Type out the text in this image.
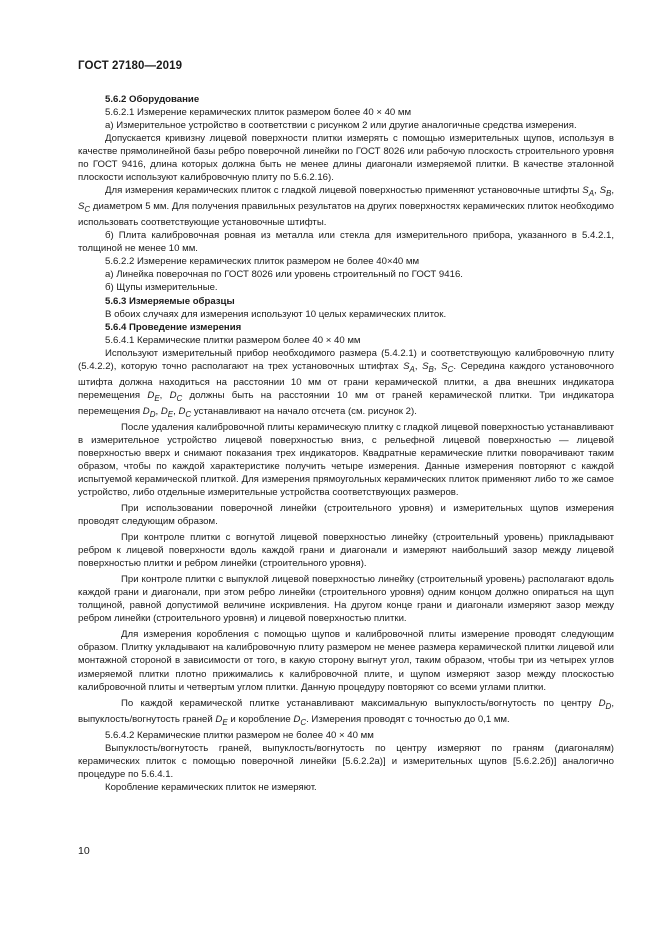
ГОСТ 27180—2019

5.6.2 Оборудование

5.6.2.1 Измерение керамических плиток размером более 40 × 40 мм

а) Измерительное устройство в соответствии с рисунком 2 или другие аналогичные средства измерения.

Допускается кривизну лицевой поверхности плитки измерять с помощью измерительных щупов, используя в качестве прямолинейной базы ребро поверочной линейки по ГОСТ 8026 или рабочую плоскость строительного уровня по ГОСТ 9416, длина которых должна быть не менее длины диагонали измеряемой плитки. В качестве эталонной плоскости используют калибровочную плиту по 5.6.2.16).

Для измерения керамических плиток с гладкой лицевой поверхностью применяют установочные штифты $S_A$, $S_B$, $S_C$ диаметром 5 мм. Для получения правильных результатов на других поверхностях керамических плиток необходимо использовать соответствующие установочные штифты.

б) Плита калибровочная ровная из металла или стекла для измерительного прибора, указанного в 5.4.2.1, толщиной не менее 10 мм.

5.6.2.2 Измерение керамических плиток размером не более 40×40 мм

а) Линейка поверочная по ГОСТ 8026 или уровень строительный по ГОСТ 9416.

б) Щупы измерительные.

5.6.3 Измеряемые образцы

В обоих случаях для измерения используют 10 целых керамических плиток.

5.6.4 Проведение измерения

5.6.4.1 Керамические плитки размером более 40 × 40 мм

Используют измерительный прибор необходимого размера (5.4.2.1) и соответствующую калибровочную плиту (5.4.2.2), которую точно располагают на трех установочных штифтах $S_A$, $S_B$, $S_C$. Середина каждого установочного штифта должна находиться на расстоянии 10 мм от грани керамической плитки, а два внешних индикатора перемещения $D_E$, $D_C$ должны быть на расстоянии 10 мм от граней керамической плитки. Три индикатора перемещения $D_D$, $D_E$, $D_C$ устанавливают на начало отсчета (см. рисунок 2).

После удаления калибровочной плиты керамическую плитку с гладкой лицевой поверхностью устанавливают в измерительное устройство лицевой поверхностью вниз, с рельефной лицевой поверхностью — лицевой поверхностью вверх и снимают показания трех индикаторов. Квадратные керамические плитки поворачивают таким образом, чтобы по каждой характеристике получить четыре измерения. Данные измерения повторяют с каждой испытуемой керамической плиткой. Для измерения прямоугольных керамических плиток применяют либо то же самое устройство, либо отдельные измерительные устройства соответствующих размеров.

При использовании поверочной линейки (строительного уровня) и измерительных щупов измерения проводят следующим образом.

При контроле плитки с вогнутой лицевой поверхностью линейку (строительный уровень) прикладывают ребром к лицевой поверхности вдоль каждой грани и диагонали и измеряют наибольший зазор между лицевой поверхностью плитки и ребром линейки (строительного уровня).

При контроле плитки с выпуклой лицевой поверхностью линейку (строительный уровень) располагают вдоль каждой грани и диагонали, при этом ребро линейки (строительного уровня) одним концом должно опираться на щуп толщиной, равной допустимой величине искривления. На другом конце грани и диагонали измеряют зазор между ребром линейки (строительного уровня) и лицевой поверхностью плитки.

Для измерения коробления с помощью щупов и калибровочной плиты измерение проводят следующим образом. Плитку укладывают на калибровочную плиту размером не менее размера керамической плитки лицевой или монтажной стороной в зависимости от того, в какую сторону выгнут угол, таким образом, чтобы три из четырех углов измеряемой плитки плотно прижимались к калибровочной плите, и щупом измеряют зазор между плоскостью калибровочной плиты и четвертым углом плитки. Данную процедуру повторяют со всеми углами плитки.

По каждой керамической плитке устанавливают максимальную выпуклость/вогнутость по центру $D_D$, выпуклость/вогнутость граней $D_E$ и коробление $D_C$. Измерения проводят с точностью до 0,1 мм.

5.6.4.2 Керамические плитки размером не более 40 × 40 мм

Выпуклость/вогнутость граней, выпуклость/вогнутость по центру измеряют по граням (диагоналям) керамических плиток с помощью поверочной линейки [5.6.2.2а)] и измерительных щупов [5.6.2.2б)] аналогично процедуре по 5.6.4.1.

Коробление керамических плиток не измеряют.

10
